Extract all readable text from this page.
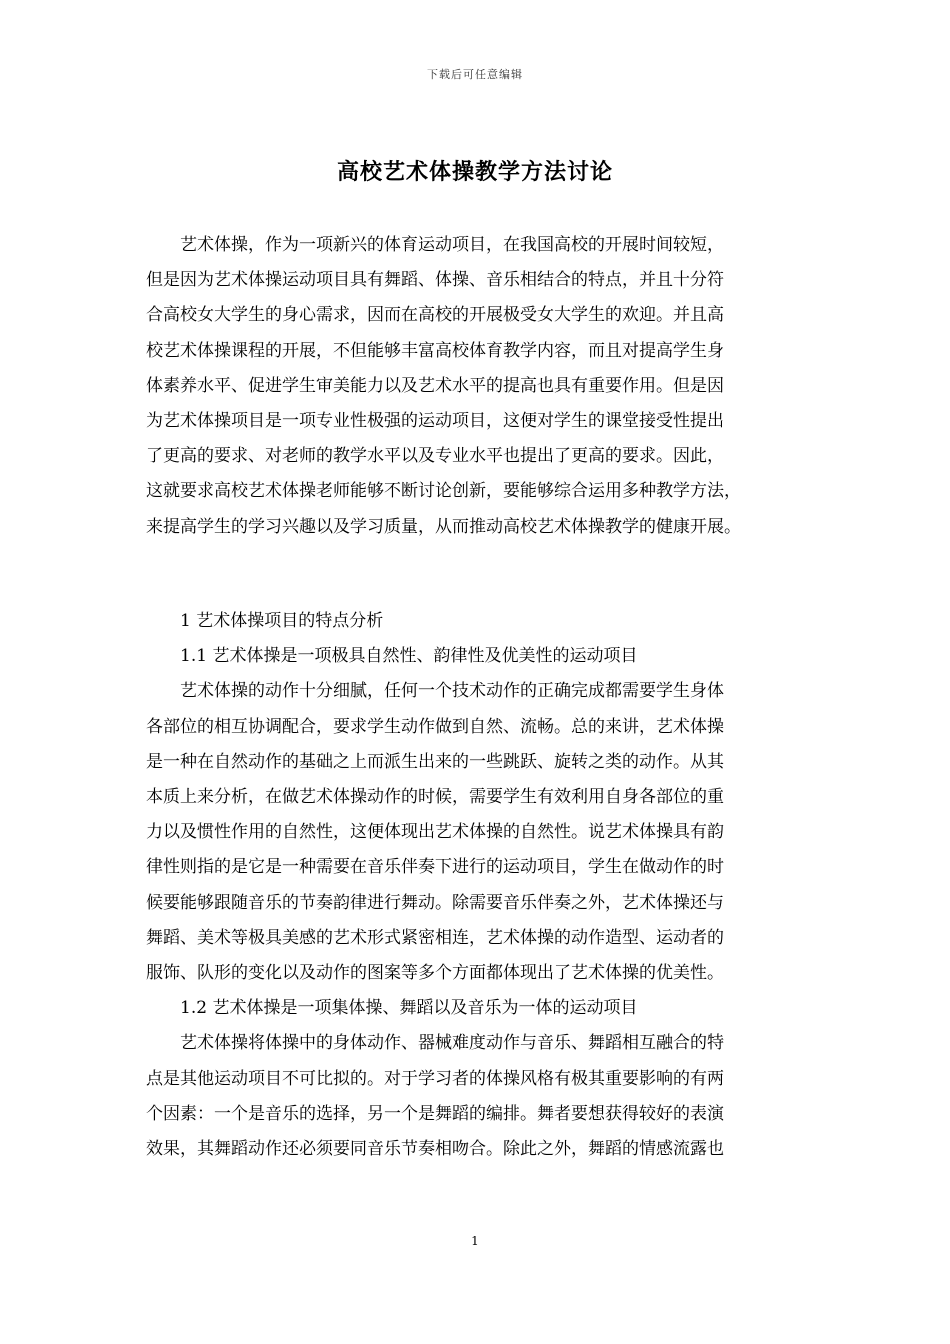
下载后可任意编辑
高校艺术体操教学方法讨论

艺术体操，作为一项新兴的体育运动项目，在我国高校的开展时间较短，
但是因为艺术体操运动项目具有舞蹈、体操、音乐相结合的特点，并且十分符
合高校女大学生的身心需求，因而在高校的开展极受女大学生的欢迎。并且高
校艺术体操课程的开展，不但能够丰富高校体育教学内容，而且对提高学生身
体素养水平、促进学生审美能力以及艺术水平的提高也具有重要作用。但是因
为艺术体操项目是一项专业性极强的运动项目，这便对学生的课堂接受性提出
了更高的要求、对老师的教学水平以及专业水平也提出了更高的要求。因此，
这就要求高校艺术体操老师能够不断讨论创新，要能够综合运用多种教学方法，
来提高学生的学习兴趣以及学习质量，从而推动高校艺术体操教学的健康开展。

1 艺术体操项目的特点分析

1.1 艺术体操是一项极具自然性、韵律性及优美性的运动项目

艺术体操的动作十分细腻，任何一个技术动作的正确完成都需要学生身体
各部位的相互协调配合，要求学生动作做到自然、流畅。总的来讲，艺术体操
是一种在自然动作的基础之上而派生出来的一些跳跃、旋转之类的动作。从其
本质上来分析，在做艺术体操动作的时候，需要学生有效利用自身各部位的重
力以及惯性作用的自然性，这便体现出艺术体操的自然性。说艺术体操具有韵
律性则指的是它是一种需要在音乐伴奏下进行的运动项目，学生在做动作的时
候要能够跟随音乐的节奏韵律进行舞动。除需要音乐伴奏之外，艺术体操还与
舞蹈、美术等极具美感的艺术形式紧密相连，艺术体操的动作造型、运动者的
服饰、队形的变化以及动作的图案等多个方面都体现出了艺术体操的优美性。

1.2 艺术体操是一项集体操、舞蹈以及音乐为一体的运动项目

艺术体操将体操中的身体动作、器械难度动作与音乐、舞蹈相互融合的特
点是其他运动项目不可比拟的。对于学习者的体操风格有极其重要影响的有两
个因素：一个是音乐的选择，另一个是舞蹈的编排。舞者要想获得较好的表演
效果，其舞蹈动作还必须要同音乐节奏相吻合。除此之外，舞蹈的情感流露也

1
